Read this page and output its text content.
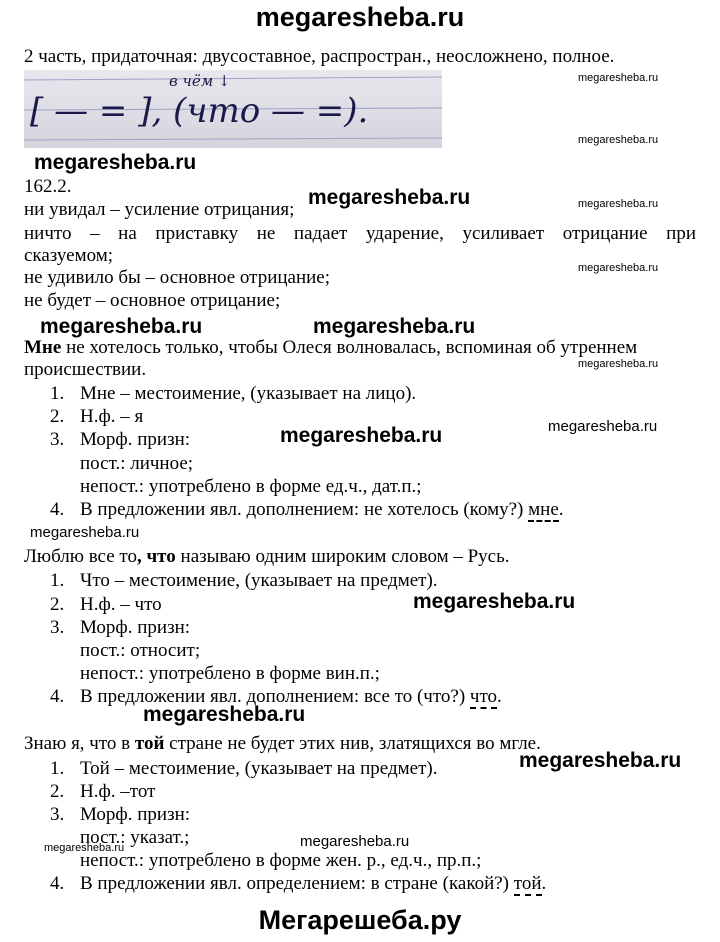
megaresheba.ru
2 часть, придаточная: двусоставное, распростран., неосложнено, полное.
в чём ↓
[ — = ], (что — =).
megaresheba.ru
162.2.	megaresheba.ru
ни увидал – усиление отрицания;
ничто – на приставку не падает ударение, усиливает отрицание при
сказуемом;
не удивило бы – основное отрицание;
не будет – основное отрицание;
megaresheba.ru	megaresheba.ru
Мне не хотелось только, чтобы Олеся волновалась, вспоминая об утреннем
происшествии.
1. Мне – местоимение, (указывает на лицо).
2. Н.ф. – я
3. Морф. призн:
пост.: личное;
непост.: употреблено в форме ед.ч., дат.п.;
4. В предложении явл. дополнением: не хотелось (кому?) мне.
Люблю все то, что называю одним широким словом – Русь.
1. Что – местоимение, (указывает на предмет).
2. Н.ф. – что
3. Морф. призн:
пост.: относит;
непост.: употреблено в форме вин.п.;
4. В предложении явл. дополнением: все то (что?) что.
Знаю я, что в той стране не будет этих нив, златящихся во мгле.
1. Той – местоимение, (указывает на предмет).
2. Н.ф. –тот
3. Морф. призн:
пост.: указат.;
непост.: употреблено в форме жен. р., ед.ч., пр.п.;
4. В предложении явл. определением: в стране (какой?) той.
megaresheba.ru
megaresheba.ru
megaresheba.ru
megaresheba.ru
megaresheba.ru
megaresheba.ru
megaresheba.ru
megaresheba.ru
megaresheba.ru
megaresheba.ru
megaresheba.ru
megaresheba.ru
megaresheba.ru
Мегарешеба.ру
